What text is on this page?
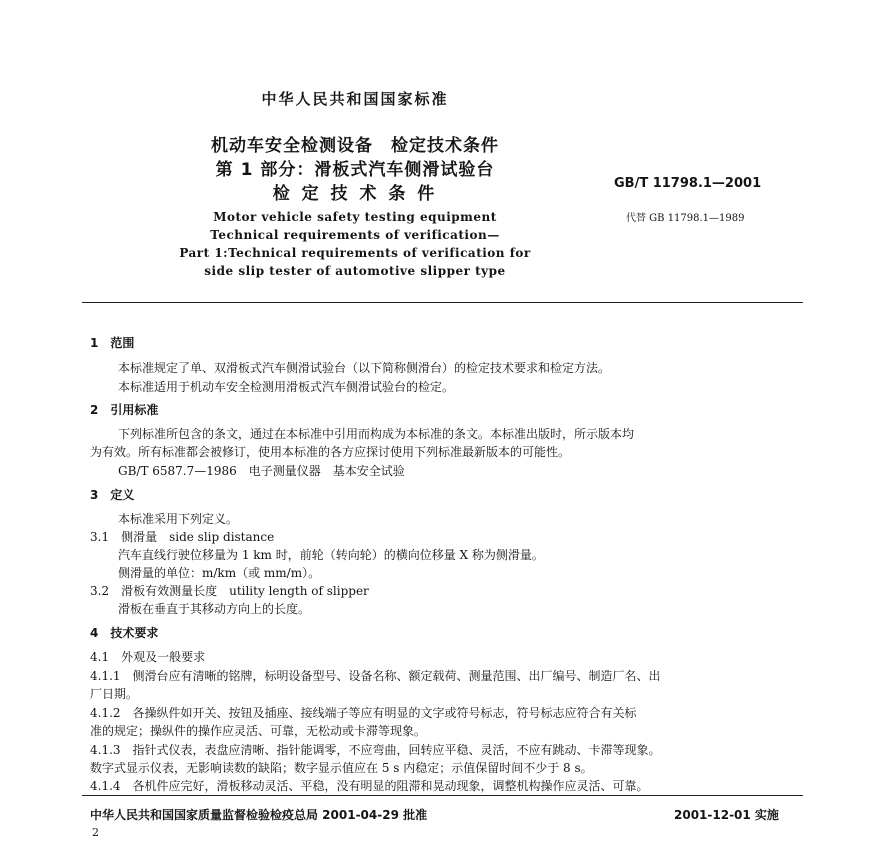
中华人民共和国国家标准
机动车安全检测设备　检定技术条件
第 1 部分：滑板式汽车侧滑试验台
检 定 技 术 条 件
GB/T 11798.1—2001
代替 GB 11798.1—1989
Motor vehicle safety testing equipment
Technical requirements of verification—
Part 1:Technical requirements of verification for
side slip tester of automotive slipper type
1　范围
本标准规定了单、双滑板式汽车侧滑试验台（以下简称侧滑台）的检定技术要求和检定方法。
本标准适用于机动车安全检测用滑板式汽车侧滑试验台的检定。
2　引用标准
下列标准所包含的条文，通过在本标准中引用而构成为本标准的条文。本标准出版时，所示版本均
为有效。所有标准都会被修订，使用本标准的各方应探讨使用下列标准最新版本的可能性。
GB/T 6587.7—1986　电子测量仪器　基本安全试验
3　定义
本标准采用下列定义。
3.1　侧滑量　side slip distance
汽车直线行驶位移量为 1 km 时，前轮（转向轮）的横向位移量 X 称为侧滑量。
侧滑量的单位：m/km（或 mm/m）。
3.2　滑板有效测量长度　utility length of slipper
滑板在垂直于其移动方向上的长度。
4　技术要求
4.1　外观及一般要求
4.1.1　侧滑台应有清晰的铭牌，标明设备型号、设备名称、额定载荷、测量范围、出厂编号、制造厂名、出
厂日期。
4.1.2　各操纵件如开关、按钮及插座、接线端子等应有明显的文字或符号标志，符号标志应符合有关标
准的规定；操纵件的操作应灵活、可靠，无松动或卡滞等现象。
4.1.3　指针式仪表，表盘应清晰、指针能调零，不应弯曲，回转应平稳、灵活，不应有跳动、卡滞等现象。
数字式显示仪表，无影响读数的缺陷；数字显示值应在 5 s 内稳定；示值保留时间不少于 8 s。
4.1.4　各机件应完好，滑板移动灵活、平稳，没有明显的阻滞和晃动现象，调整机构操作应灵活、可靠。
中华人民共和国国家质量监督检验检疫总局 2001-04-29 批准	2001-12-01 实施
2
